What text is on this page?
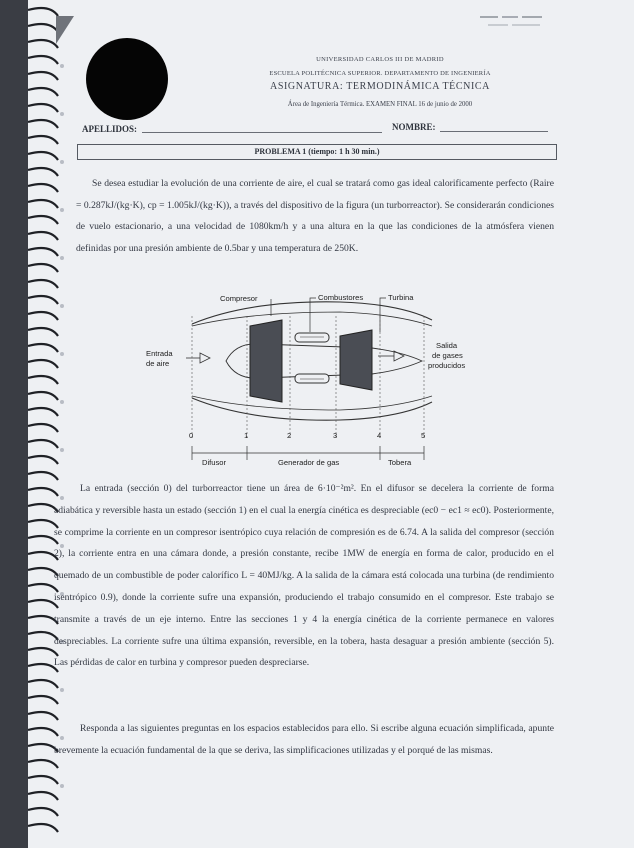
UNIVERSIDAD CARLOS III DE MADRID
ESCUELA POLITÉCNICA SUPERIOR. DEPARTAMENTO DE INGENIERÍA
ASIGNATURA: TERMODINÁMICA TÉCNICA
Área de Ingeniería Térmica. EXAMEN FINAL 16 de junio de 2000
APELLIDOS:	NOMBRE:
PROBLEMA 1 (tiempo: 1 h 30 min.)
Se desea estudiar la evolución de una corriente de aire, el cual se tratará como gas ideal calorificamente perfecto (Raire = 0.287kJ/(kg·K), cp = 1.005kJ/(kg·K)), a través del dispositivo de la figura (un turborreactor). Se considerarán condiciones de vuelo estacionario, a una velocidad de 1080km/h y a una altura en la que las condiciones de la atmósfera vienen definidas por una presión ambiente de 0.5bar y una temperatura de 250K.
Compresor	Combustores	Turbina
Entrada
de aire
Salida
de gases
producidos
0	1	2	3	4	5
Difusor	Generador de gas	Tobera
La entrada (sección 0) del turborreactor tiene un área de 6·10⁻²m². En el difusor se decelera la corriente de forma adiabática y reversible hasta un estado (sección 1) en el cual la energía cinética es despreciable (ec0 − ec1 ≈ ec0). Posteriormente, se comprime la corriente en un compresor isentrópico cuya relación de compresión es de 6.74. A la salida del compresor (sección 2), la corriente entra en una cámara donde, a presión constante, recibe 1MW de energía en forma de calor, producido en el quemado de un combustible de poder calorífico L = 40MJ/kg. A la salida de la cámara está colocada una turbina (de rendimiento isentrópico 0.9), donde la corriente sufre una expansión, produciendo el trabajo consumido en el compresor. Este trabajo se transmite a través de un eje interno. Entre las secciones 1 y 4 la energía cinética de la corriente permanece en valores despreciables. La corriente sufre una última expansión, reversible, en la tobera, hasta desaguar a presión ambiente (sección 5). Las pérdidas de calor en turbina y compresor pueden despreciarse.
Responda a las siguientes preguntas en los espacios establecidos para ello. Si escribe alguna ecuación simplificada, apunte brevemente la ecuación fundamental de la que se deriva, las simplificaciones utilizadas y el porqué de las mismas.
